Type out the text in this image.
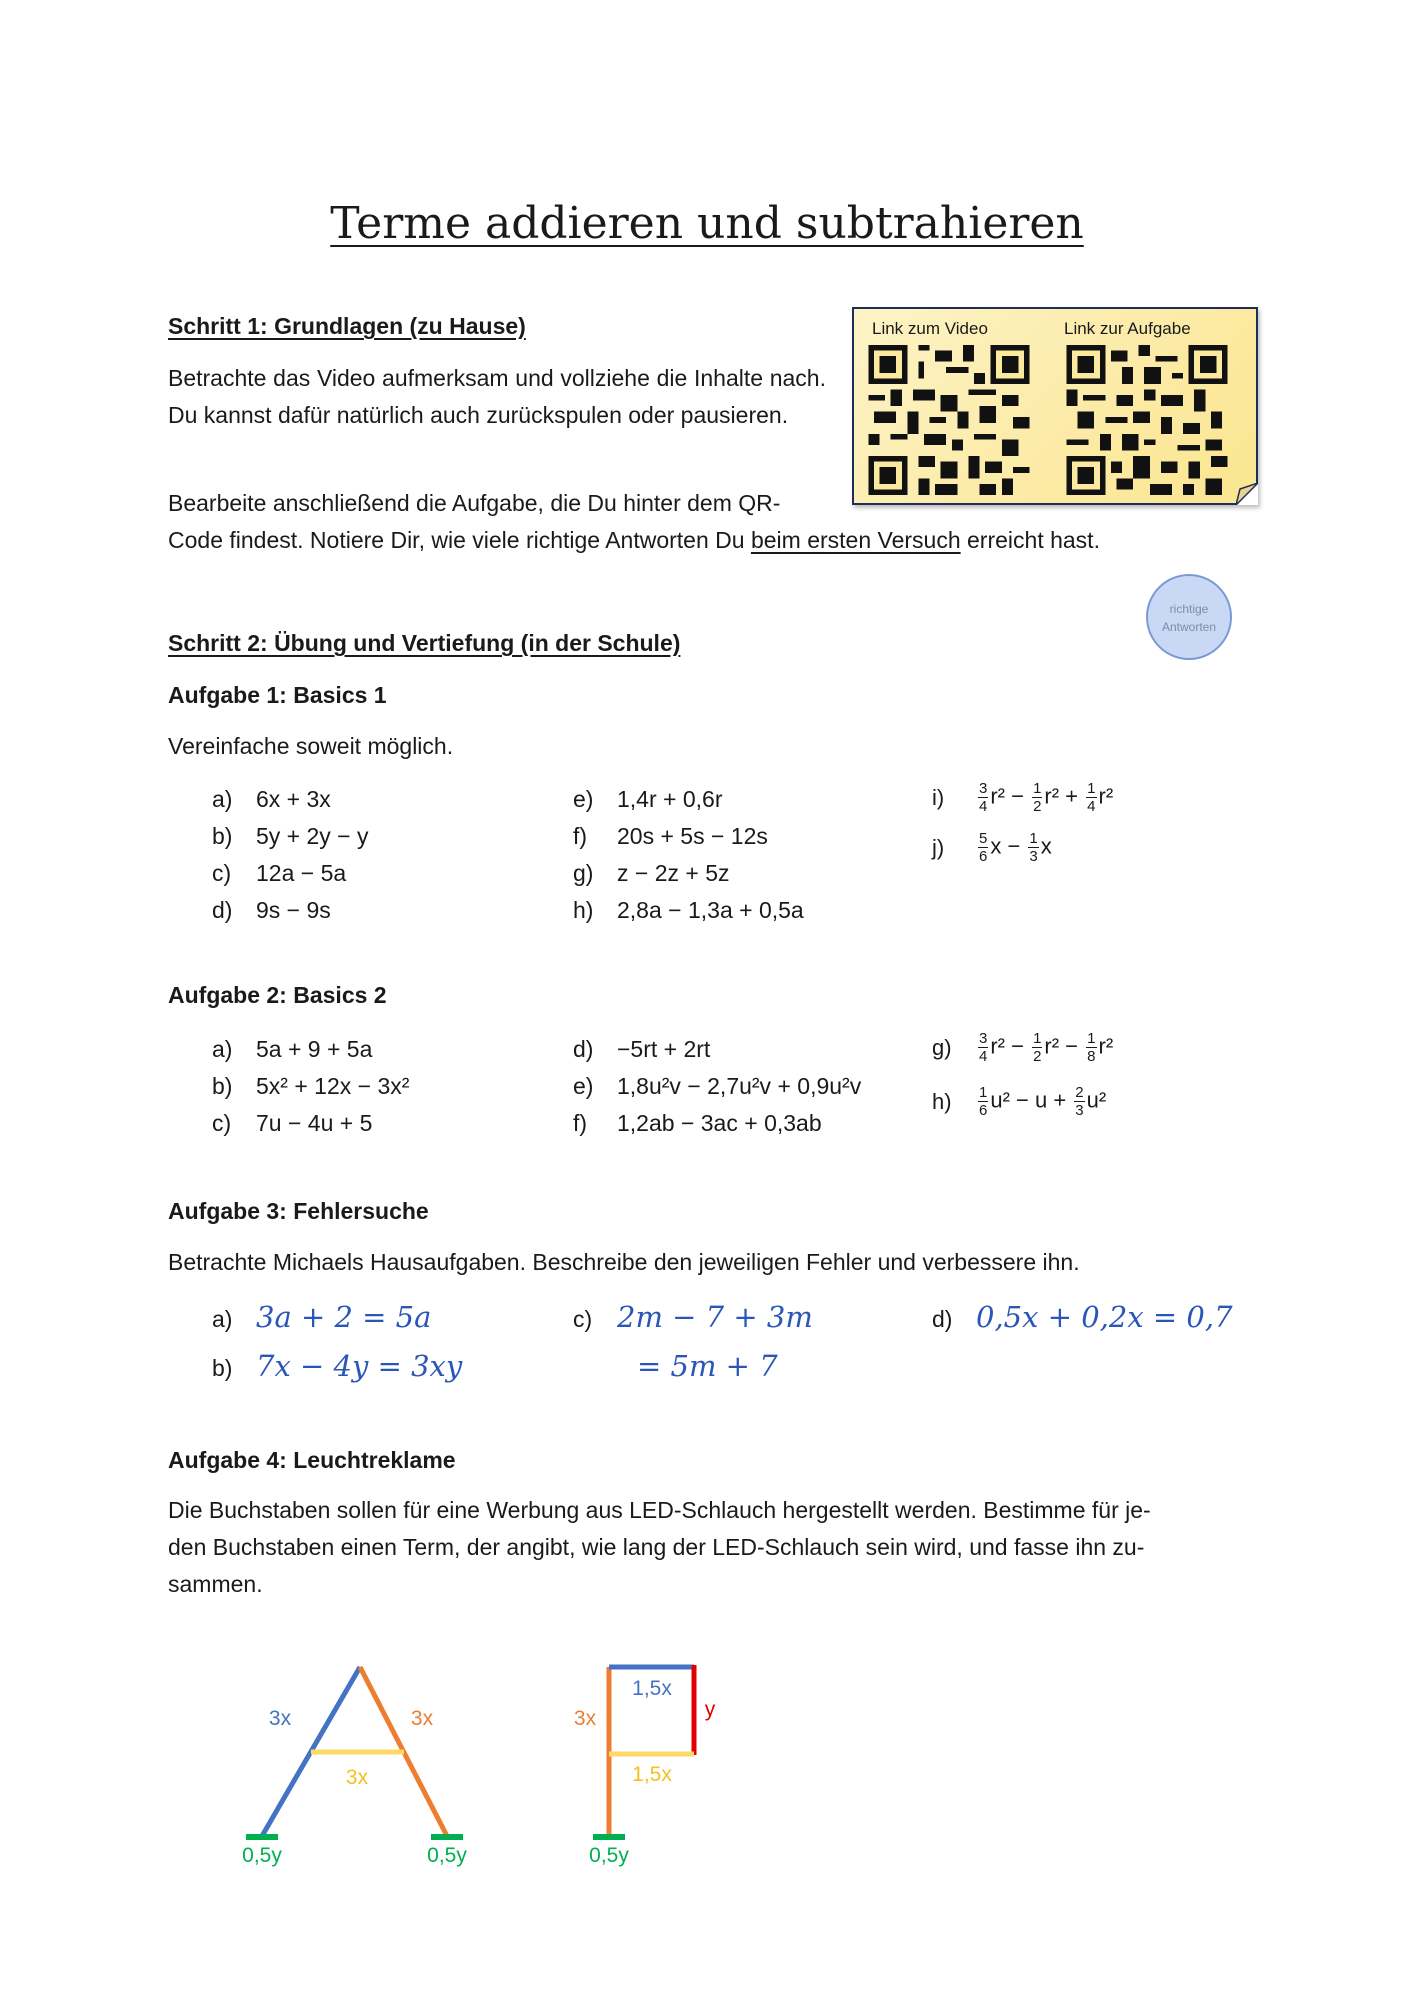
Terme addieren und subtrahieren
Schritt 1: Grundlagen (zu Hause)
Betrachte das Video aufmerksam und vollziehe die Inhalte nach. Du kannst dafür natürlich auch zurückspulen oder pausieren.
Bearbeite anschließend die Aufgabe, die Du hinter dem QR-
Code findest. Notiere Dir, wie viele richtige Antworten Du beim ersten Versuch erreicht hast.
Link zum Video	Link zur Aufgabe
richtige
Antworten
Schritt 2: Übung und Vertiefung (in der Schule)
Aufgabe 1: Basics 1
Vereinfache soweit möglich.
a) 6x + 3x
b) 5y + 2y − y
c) 12a − 5a
d) 9s − 9s
e) 1,4r + 0,6r
f) 20s + 5s − 12s
g) z − 2z + 5z
h) 2,8a − 1,3a + 0,5a
$i) \frac{3}{4} r^2 - \frac{1}{2} r^2 + \frac{1}{4} r^2$
$j) \frac{5}{6}$ $x - \frac{1}{3}$ x
Aufgabe 2: Basics 2
a) 5a + 9 + 5a
b) 5x² + 12x − 3x²
c) 7u − 4u + 5
d) −5rt + 2rt
e) 1,8u²v − 2,7u²v + 0,9u²v
f) 1,2ab − 3ac + 0,3ab
$g) \frac{3}{4} r^2 - \frac{1}{2} r^2 - \frac{1}{8} r^2$
$h) \frac{1}{6} u^2 - u + \frac{2}{3} u^2$
Aufgabe 3: Fehlersuche
Betrachte Michaels Hausaufgaben. Beschreibe den jeweiligen Fehler und verbessere ihn.
a) 3a + 2 = 5a
b) 7x − 4y = 3xy
c) 2m − 7 + 3m
= 5m + 7
d) 0,5x + 0,2x = 0,7
Aufgabe 4: Leuchtreklame
Die Buchstaben sollen für eine Werbung aus LED-Schlauch hergestellt werden. Bestimme für je-
den Buchstaben einen Term, der angibt, wie lang der LED-Schlauch sein wird, und fasse ihn zu-
sammen.
3x	3x
3x
0,5y	0,5y
3x
1,5x
y
1,5x
0,5y
